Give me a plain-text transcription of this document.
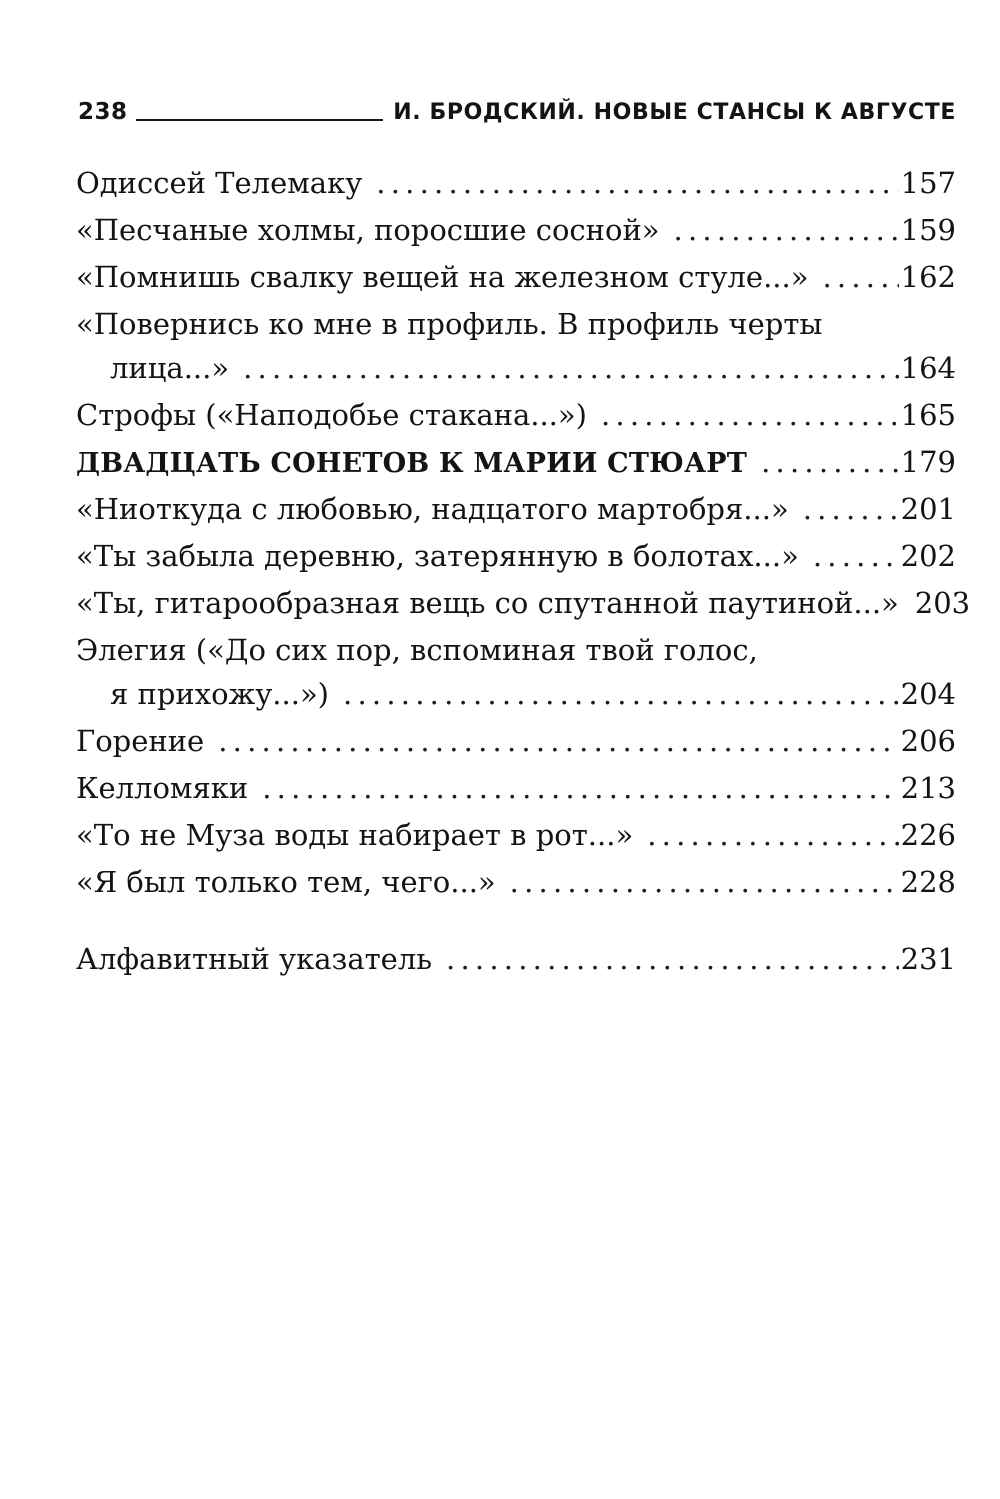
238	И. БРОДСКИЙ. НОВЫЕ СТАНСЫ К АВГУСТЕ
Одиссей Телемаку . . .	157
«Песчаные холмы, поросшие сосной» . . .	159
«Помнишь свалку вещей на железном стуле...» . . .	162
«Повернись ко мне в профиль. В профиль черты
лица...» . . .	164
Строфы («Наподобье стакана...») . . .	165
ДВАДЦАТЬ СОНЕТОВ К МАРИИ СТЮАРТ . . .	179
«Ниоткуда с любовью, надцатого мартобря...» . . .	201
«Ты забыла деревню, затерянную в болотах...» . . .	202
«Ты, гитарообразная вещь со спутанной паутиной...» 203
Элегия («До сих пор, вспоминая твой голос,
я прихожу...») . . .	204
Горение . . .	206
Келломяки . . .	213
«То не Муза воды набирает в рот...» . . .	226
«Я был только тем, чего...» . . .	228
Алфавитный указатель . . .	231
